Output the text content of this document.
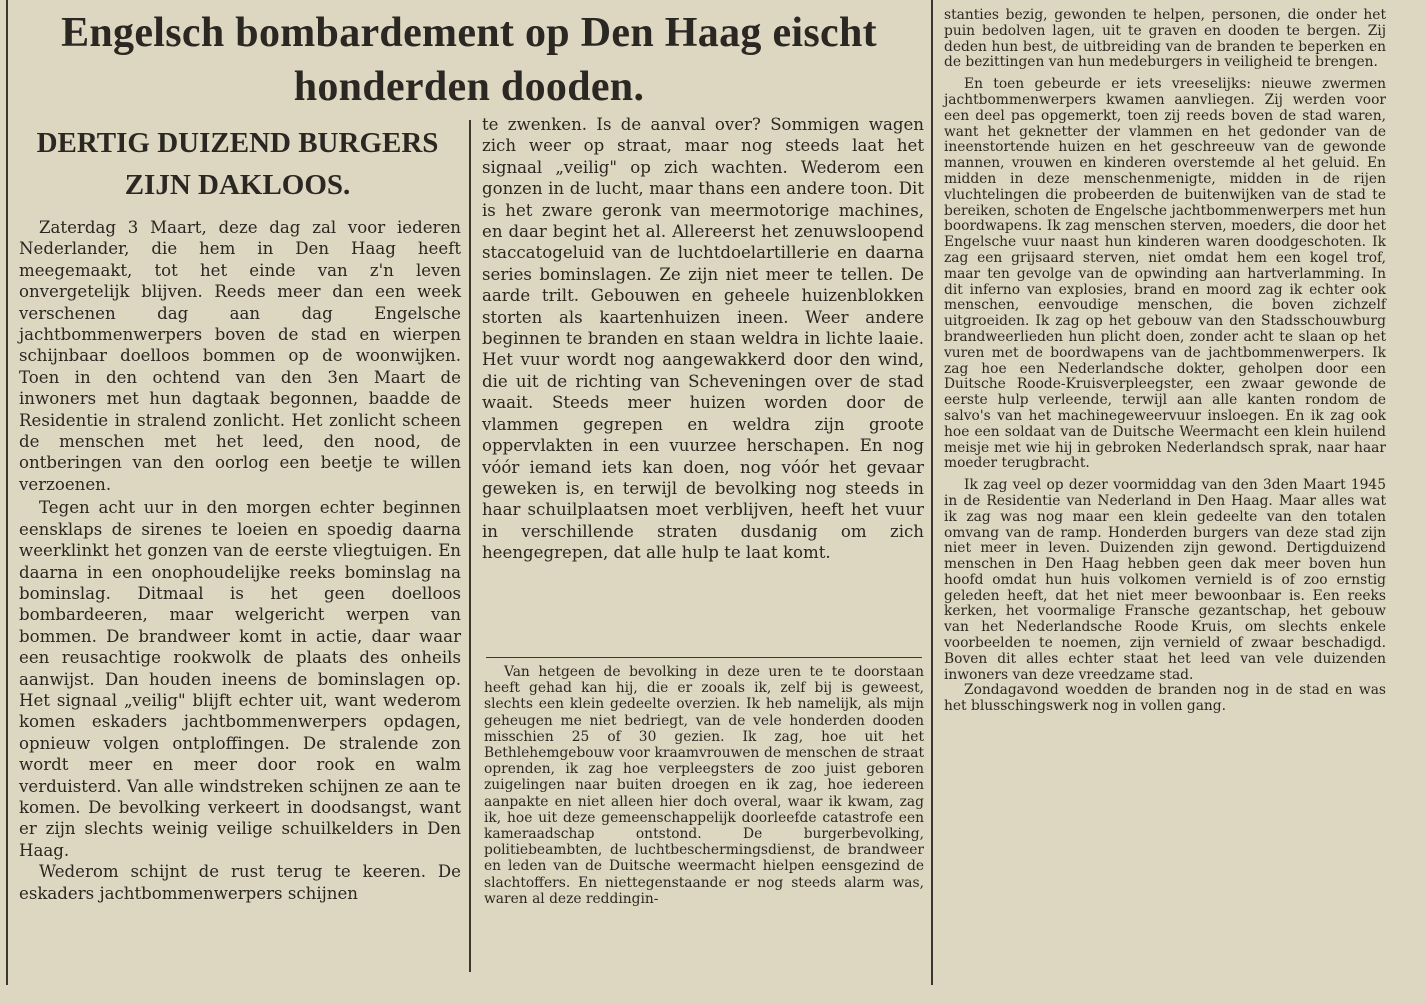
Engelsch bombardement op Den Haag eischt honderden dooden.
DERTIG DUIZEND BURGERS ZIJN DAKLOOS.

Zaterdag 3 Maart, deze dag zal voor iederen Nederlander, die hem in Den Haag heeft meegemaakt, tot het einde van z'n leven onvergetelijk blijven. Reeds meer dan een week verschenen dag aan dag Engelsche jachtbommenwerpers boven de stad en wierpen schijnbaar doelloos bommen op de woonwijken. Toen in den ochtend van den 3en Maart de inwoners met hun dagtaak begonnen, baadde de Residentie in stralend zonlicht. Het zonlicht scheen de menschen met het leed, den nood, de ontberingen van den oorlog een beetje te willen verzoenen.

Tegen acht uur in den morgen echter beginnen eensklaps de sirenes te loeien en spoedig daarna weerklinkt het gonzen van de eerste vliegtuigen. En daarna in een onophoudelijke reeks bominslag na bominslag. Ditmaal is het geen doelloos bombardeeren, maar welgericht werpen van bommen. De brandweer komt in actie, daar waar een reusachtige rookwolk de plaats des onheils aanwijst. Dan houden ineens de bominslagen op. Het signaal „veilig" blijft echter uit, want wederom komen eskaders jachtbommenwerpers opdagen, opnieuw volgen ontploffingen. De stralende zon wordt meer en meer door rook en walm verduisterd. Van alle windstreken schijnen ze aan te komen. De bevolking verkeert in doodsangst, want er zijn slechts weinig veilige schuilkelders in Den Haag.

Wederom schijnt de rust terug te keeren. De eskaders jachtbommenwerpers schijnen

te zwenken. Is de aanval over? Sommigen wagen zich weer op straat, maar nog steeds laat het signaal „veilig" op zich wachten. Wederom een gonzen in de lucht, maar thans een andere toon. Dit is het zware geronk van meermotorige machines, en daar begint het al. Allereerst het zenuwsloopend staccatogeluid van de luchtdoelartillerie en daarna series bominslagen. Ze zijn niet meer te tellen. De aarde trilt. Gebouwen en geheele huizenblokken storten als kaartenhuizen ineen. Weer andere beginnen te branden en staan weldra in lichte laaie. Het vuur wordt nog aangewakkerd door den wind, die uit de richting van Scheveningen over de stad waait. Steeds meer huizen worden door de vlammen gegrepen en weldra zijn groote oppervlakten in een vuurzee herschapen. En nog vóór iemand iets kan doen, nog vóór het gevaar geweken is, en terwijl de bevolking nog steeds in haar schuilplaatsen moet verblijven, heeft het vuur in verschillende straten dusdanig om zich heengegrepen, dat alle hulp te laat komt.

Van hetgeen de bevolking in deze uren te te doorstaan heeft gehad kan hij, die er zooals ik, zelf bij is geweest, slechts een klein gedeelte overzien. Ik heb namelijk, als mijn geheugen me niet bedriegt, van de vele honderden dooden misschien 25 of 30 gezien. Ik zag, hoe uit het Bethlehemgebouw voor kraamvrouwen de menschen de straat oprenden, ik zag hoe verpleegsters de zoo juist geboren zuigelingen naar buiten droegen en ik zag, hoe iedereen aanpakte en niet alleen hier doch overal, waar ik kwam, zag ik, hoe uit deze gemeenschappelijk doorleefde catastrofe een kameraadschap ontstond. De burgerbevolking, politiebeambten, de luchtbeschermingsdienst, de brandweer en leden van de Duitsche weermacht hielpen eensgezind de slachtoffers. En niettegenstaande er nog steeds alarm was, waren al deze reddingin-

stanties bezig, gewonden te helpen, personen, die onder het puin bedolven lagen, uit te graven en dooden te bergen. Zij deden hun best, de uitbreiding van de branden te beperken en de bezittingen van hun medeburgers in veiligheid te brengen.

En toen gebeurde er iets vreeselijks: nieuwe zwermen jachtbommenwerpers kwamen aanvliegen. Zij werden voor een deel pas opgemerkt, toen zij reeds boven de stad waren, want het geknetter der vlammen en het gedonder van de ineenstortende huizen en het geschreeuw van de gewonde mannen, vrouwen en kinderen overstemde al het geluid. En midden in deze menschenmenigte, midden in de rijen vluchtelingen die probeerden de buitenwijken van de stad te bereiken, schoten de Engelsche jachtbommenwerpers met hun boordwapens. Ik zag menschen sterven, moeders, die door het Engelsche vuur naast hun kinderen waren doodgeschoten. Ik zag een grijsaard sterven, niet omdat hem een kogel trof, maar ten gevolge van de opwinding aan hartverlamming. In dit inferno van explosies, brand en moord zag ik echter ook menschen, eenvoudige menschen, die boven zichzelf uitgroeiden. Ik zag op het gebouw van den Stadsschouwburg brandweerlieden hun plicht doen, zonder acht te slaan op het vuren met de boordwapens van de jachtbommenwerpers. Ik zag hoe een Nederlandsche dokter, geholpen door een Duitsche Roode-Kruisverpleegster, een zwaar gewonde de eerste hulp verleende, terwijl aan alle kanten rondom de salvo's van het machinegeweervuur insloegen. En ik zag ook hoe een soldaat van de Duitsche Weermacht een klein huilend meisje met wie hij in gebroken Nederlandsch sprak, naar haar moeder terugbracht.

Ik zag veel op dezer voormiddag van den 3den Maart 1945 in de Residentie van Nederland in Den Haag. Maar alles wat ik zag was nog maar een klein gedeelte van den totalen omvang van de ramp. Honderden burgers van deze stad zijn niet meer in leven. Duizenden zijn gewond. Dertigduizend menschen in Den Haag hebben geen dak meer boven hun hoofd omdat hun huis volkomen vernield is of zoo ernstig geleden heeft, dat het niet meer bewoonbaar is. Een reeks kerken, het voormalige Fransche gezantschap, het gebouw van het Nederlandsche Roode Kruis, om slechts enkele voorbeelden te noemen, zijn vernield of zwaar beschadigd. Boven dit alles echter staat het leed van vele duizenden inwoners van deze vreedzame stad.

Zondagavond woedden de branden nog in de stad en was het blusschingswerk nog in vollen gang.
